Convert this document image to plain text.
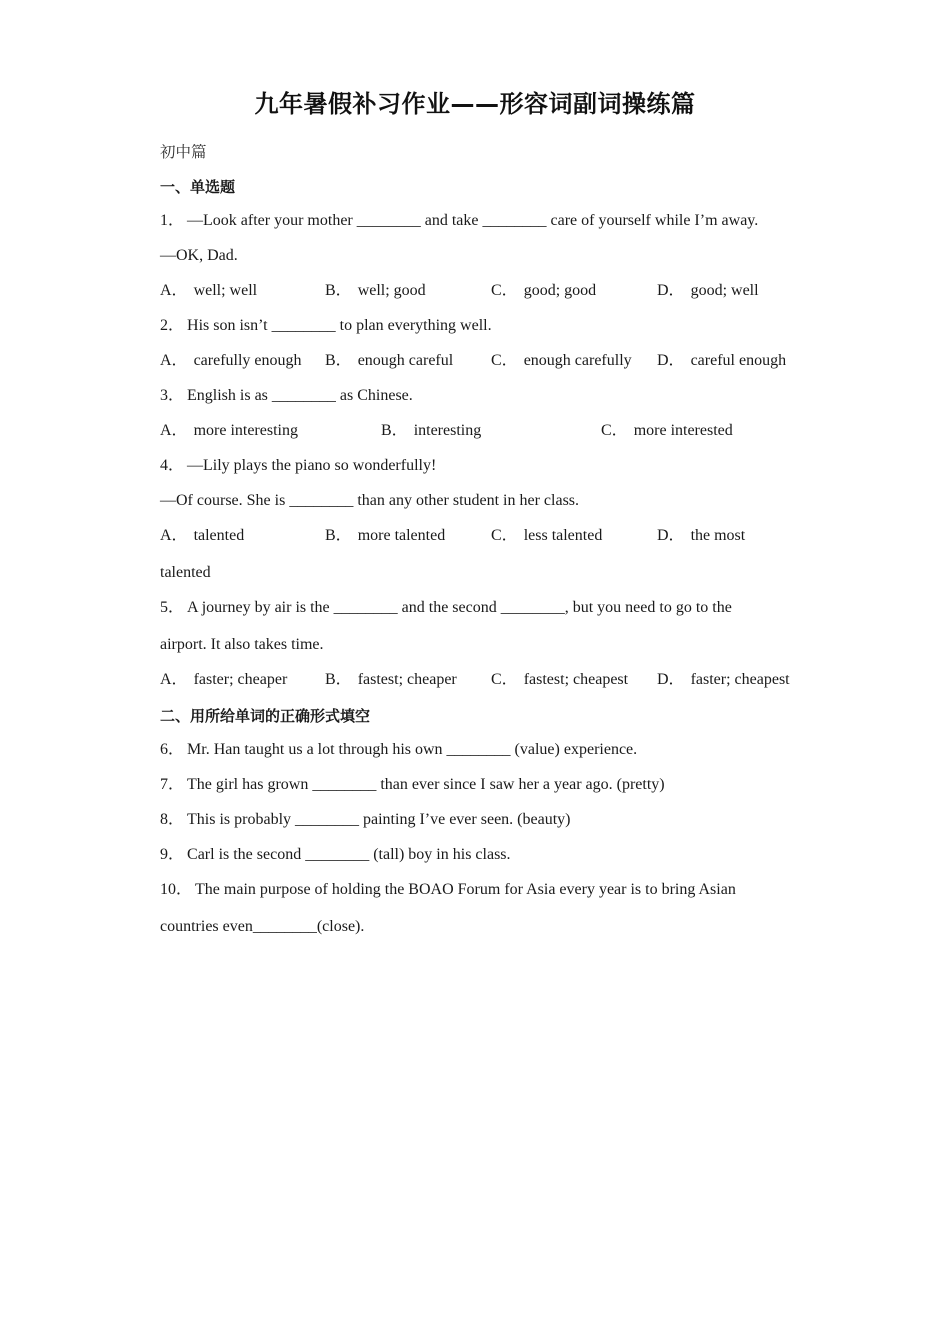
九年暑假补习作业——形容词副词操练篇
初中篇
一、单选题
1． —Look after your mother ________ and take ________ care of yourself while I’m away.
—OK, Dad.
A． well; well	B． well; good	C． good; good	D． good; well
2． His son isn’t ________ to plan everything well.
A． carefully enough B． enough careful C． enough carefully D． careful enough
3． English is as ________ as Chinese.
A． more interesting	B． interesting	C． more interested
4． —Lily plays the piano so wonderfully!
—Of course. She is ________ than any other student in her class.
A． talented	B． more talented	C． less talented	D． the most
talented
5． A journey by air is the ________ and the second ________, but you need to go to the
airport. It also takes time.
A． faster; cheaper B． fastest; cheaper C． fastest; cheapest D． faster; cheapest
二、用所给单词的正确形式填空
6． Mr. Han taught us a lot through his own ________ (value) experience.
7． The girl has grown ________ than ever since I saw her a year ago. (pretty)
8． This is probably ________ painting I’ve ever seen. (beauty)
9． Carl is the second ________ (tall) boy in his class.
10． The main purpose of holding the BOAO Forum for Asia every year is to bring Asian
countries even________(close).
